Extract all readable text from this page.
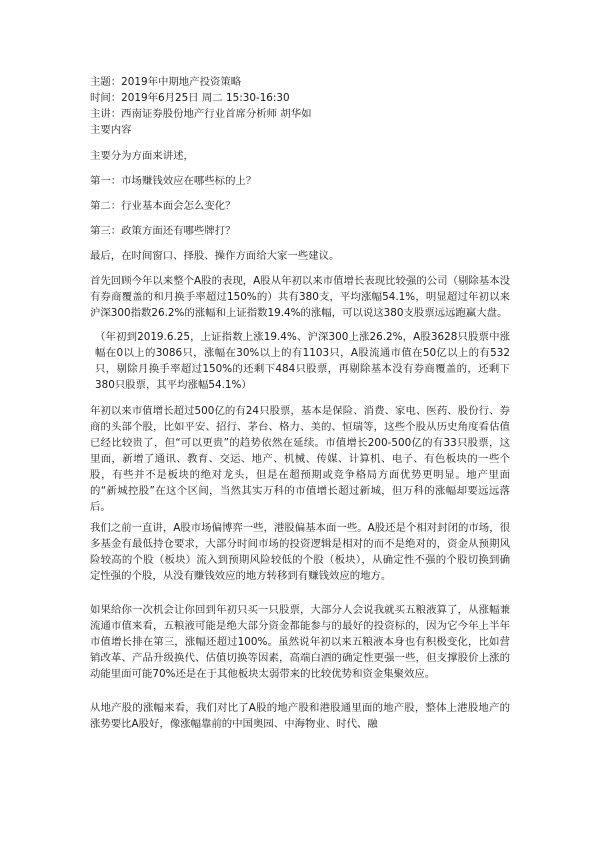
主题：2019年中期地产投资策略
时间：2019年6月25日 周二 15:30-16:30
主讲：西南证券股份地产行业首席分析师 胡华如
主要内容

主要分为方面来讲述，

第一：市场赚钱效应在哪些标的上？

第二：行业基本面会怎么变化？

第三：政策方面还有哪些牌打？

最后，在时间窗口、择股、操作方面给大家一些建议。

首先回顾今年以来整个A股的表现，A股从年初以来市值增长表现比较强的公司（剔除基本没有券商覆盖的和月换手率超过150%的）共有380支，平均涨幅54.1%，明显超过年初以来沪深300指数26.2%的涨幅和上证指数19.4%的涨幅，可以说这380支股票远远跑赢大盘。

（年初到2019.6.25，上证指数上涨19.4%、沪深300上涨26.2%，A股3628只股票中涨幅在0以上的3086只，涨幅在30%以上的有1103只，A股流通市值在50亿以上的有532只，剔除月换手率超过150%的还剩下484只股票，再剔除基本没有券商覆盖的，还剩下380只股票，其平均涨幅54.1%）

年初以来市值增长超过500亿的有24只股票，基本是保险、消费、家电、医药、股份行、券商的头部个股，比如平安、招行、茅台、格力、美的、恒瑞等，这些个股从历史角度看估值已经比较贵了，但“可以更贵”的趋势依然在延续。市值增长200-500亿的有33只股票，这里面，新增了通讯、教育、交运、地产、机械、传媒、计算机、电子、有色板块的一些个股，有些并不是板块的绝对龙头，但是在超预期或竞争格局方面优势更明显。地产里面的“新城控股”在这个区间，当然其实万科的市值增长超过新城，但万科的涨幅却要远远落后。

我们之前一直讲，A股市场偏博弈一些，港股偏基本面一些。A股还是个相对封闭的市场，很多基金有最低持仓要求，大部分时间市场的投资逻辑是相对的而不是绝对的，资金从预期风险较高的个股（板块）流入到预期风险较低的个股（板块），从确定性不强的个股切换到确定性强的个股，从没有赚钱效应的地方转移到有赚钱效应的地方。

如果给你一次机会让你回到年初只买一只股票，大部分人会说我就买五粮液算了，从涨幅兼流通市值来看，五粮液可能是绝大部分资金都能参与的最好的投资标的，因为它今年上半年市值增长排在第三，涨幅还超过100%。虽然说年初以来五粮液本身也有积极变化，比如营销改革、产品升级换代、估值切换等因素，高端白酒的确定性更强一些，但支撑股价上涨的动能里面可能70%还是在于其他板块太弱带来的比较优势和资金集聚效应。

从地产股的涨幅来看，我们对比了A股的地产股和港股通里面的地产股，整体上港股地产的涨势要比A股好，像涨幅靠前的中国奥园、中海物业、时代、融
